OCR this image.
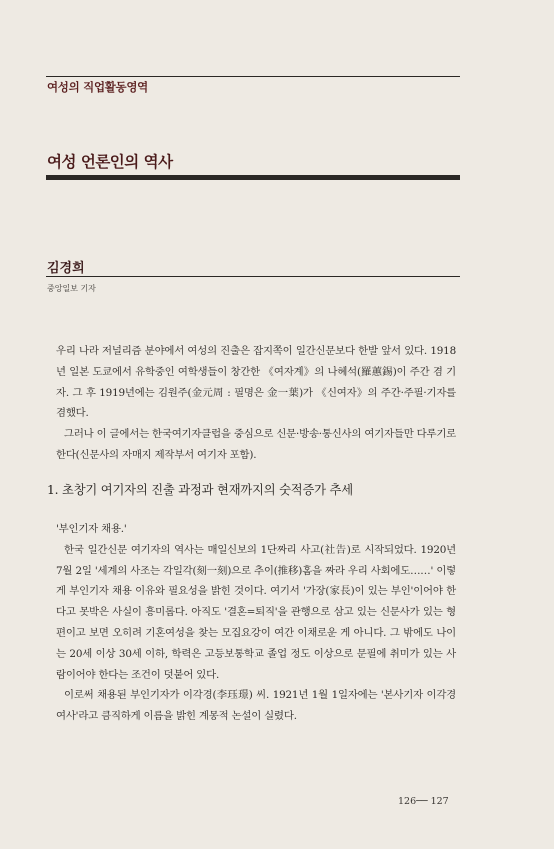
여성의 직업활동영역
여성 언론인의 역사
김경희
중앙일보 기자

우리 나라 저널리즘 분야에서 여성의 진출은 잡지쪽이 일간신문보다 한발 앞서 있다. 1918년 일본 도쿄에서 유학중인 여학생들이 창간한 《여자계》의 나혜석(羅蕙錫)이 주간 겸 기자. 그 후 1919년에는 김원주(金元周 : 필명은 金一葉)가 《신여자》의 주간·주필·기자를 겸했다.

그러나 이 글에서는 한국여기자클럽을 중심으로 신문·방송·통신사의 여기자들만 다루기로 한다(신문사의 자매지 제작부서 여기자 포함).

1. 초창기 여기자의 진출 과정과 현재까지의 숫적증가 추세

'부인기자 채용.'

한국 일간신문 여기자의 역사는 매일신보의 1단짜리 사고(社告)로 시작되었다. 1920년 7월 2일 '세계의 사조는 각일각(刻一刻)으로 추이(推移)홈을 짜라 우리 사회에도……' 이렇게 부인기자 채용 이유와 필요성을 밝힌 것이다. 여기서 '가장(家長)이 있는 부인'이어야 한다고 못박은 사실이 흥미롭다. 아직도 '결혼=퇴직'을 관행으로 삼고 있는 신문사가 있는 형편이고 보면 오히려 기혼여성을 찾는 모집요강이 여간 이채로운 게 아니다. 그 밖에도 나이는 20세 이상 30세 이하, 학력은 고등보통학교 졸업 정도 이상으로 문필에 취미가 있는 사람이어야 한다는 조건이 덧붙어 있다.

이로써 채용된 부인기자가 이각경(李珏璟) 씨. 1921년 1월 1일자에는 '본사기자 이각경 여사'라고 큼직하게 이름을 밝힌 계몽적 논설이 실렸다.

126── 127
